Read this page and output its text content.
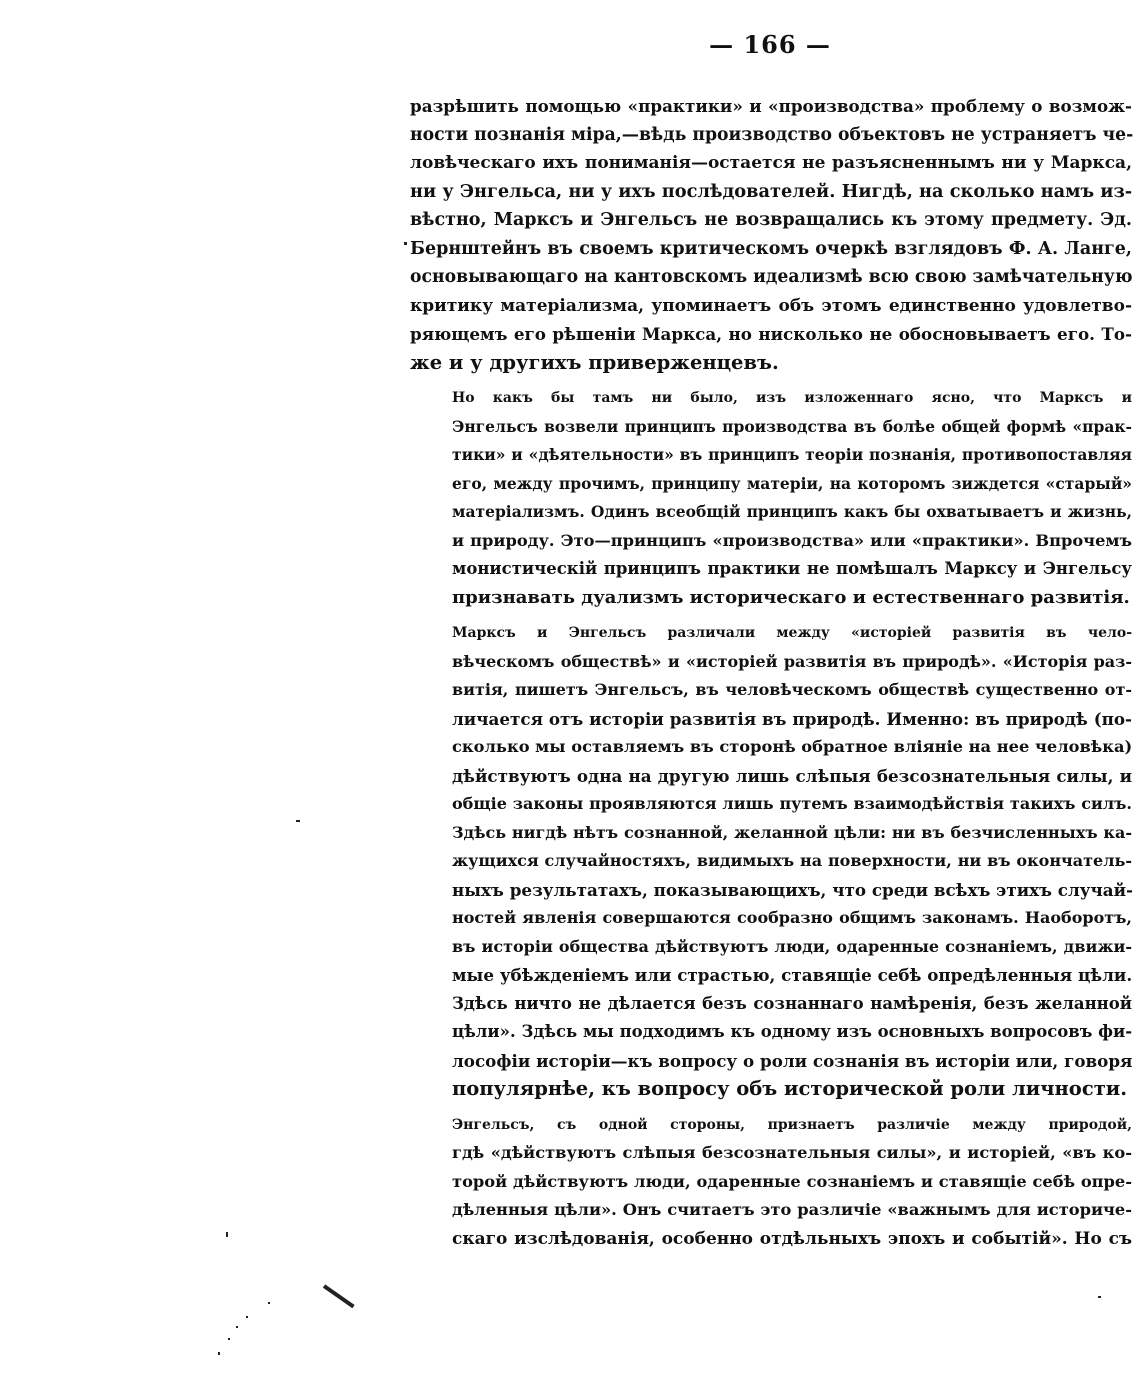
— 166 —

разрѣшить помощью «практики» и «производства» проблему о возмож-
ности познанія міра,—вѣдь производство объектовъ не устраняетъ че-
ловѣческаго ихъ пониманія—остается не разъясненнымъ ни у Маркса,
ни у Энгельса, ни у ихъ послѣдователей. Нигдѣ, на сколько намъ из-
вѣстно, Марксъ и Энгельсъ не возвращались къ этому предмету. Эд.
Бернштейнъ въ своемъ критическомъ очеркѣ взглядовъ Ф. А. Ланге,
основывающаго на кантовскомъ идеализмѣ всю свою замѣчательную
критику матеріализма, упоминаетъ объ этомъ единственно удовлетво-
ряющемъ его рѣшеніи Маркса, но нисколько не обосновываетъ его. То-
же и у другихъ приверженцевъ.

Но какъ бы тамъ ни было, изъ изложеннаго ясно, что Марксъ и
Энгельсъ возвели принципъ производства въ болѣе общей формѣ «прак-
тики» и «дѣятельности» въ принципъ теоріи познанія, противопоставляя
его, между прочимъ, принципу матеріи, на которомъ зиждется «старый»
матеріализмъ. Одинъ всеобщій принципъ какъ бы охватываетъ и жизнь,
и природу. Это—принципъ «производства» или «практики». Впрочемъ
монистическій принципъ практики не помѣшалъ Марксу и Энгельсу
признавать дуализмъ историческаго и естественнаго развитія.

Марксъ и Энгельсъ различали между «исторіей развитія въ чело-
вѣческомъ обществѣ» и «исторіей развитія въ природѣ». «Исторія раз-
витія, пишетъ Энгельсъ, въ человѣческомъ обществѣ существенно от-
личается отъ исторіи развитія въ природѣ. Именно: въ природѣ (по-
сколько мы оставляемъ въ сторонѣ обратное вліяніе на нее человѣка)
дѣйствуютъ одна на другую лишь слѣпыя безсознательныя силы, и
общіе законы проявляются лишь путемъ взаимодѣйствія такихъ силъ.
Здѣсь нигдѣ нѣтъ сознанной, желанной цѣли: ни въ безчисленныхъ ка-
жущихся случайностяхъ, видимыхъ на поверхности, ни въ окончатель-
ныхъ результатахъ, показывающихъ, что среди всѣхъ этихъ случай-
ностей явленія совершаются сообразно общимъ законамъ. Наоборотъ,
въ исторіи общества дѣйствуютъ люди, одаренные сознаніемъ, движи-
мые убѣжденіемъ или страстью, ставящіе себѣ опредѣленныя цѣли.
Здѣсь ничто не дѣлается безъ сознаннаго намѣренія, безъ желанной
цѣли». Здѣсь мы подходимъ къ одному изъ основныхъ вопросовъ фи-
лософіи исторіи—къ вопросу о роли сознанія въ исторіи или, говоря
популярнѣе, къ вопросу объ исторической роли личности.

Энгельсъ, съ одной стороны, признаетъ различіе между природой,
гдѣ «дѣйствуютъ слѣпыя безсознательныя силы», и исторіей, «въ ко-
торой дѣйствуютъ люди, одаренные сознаніемъ и ставящіе себѣ опре-
дѣленныя цѣли». Онъ считаетъ это различіе «важнымъ для историче-
скаго изслѣдованія, особенно отдѣльныхъ эпохъ и событій». Но съ
